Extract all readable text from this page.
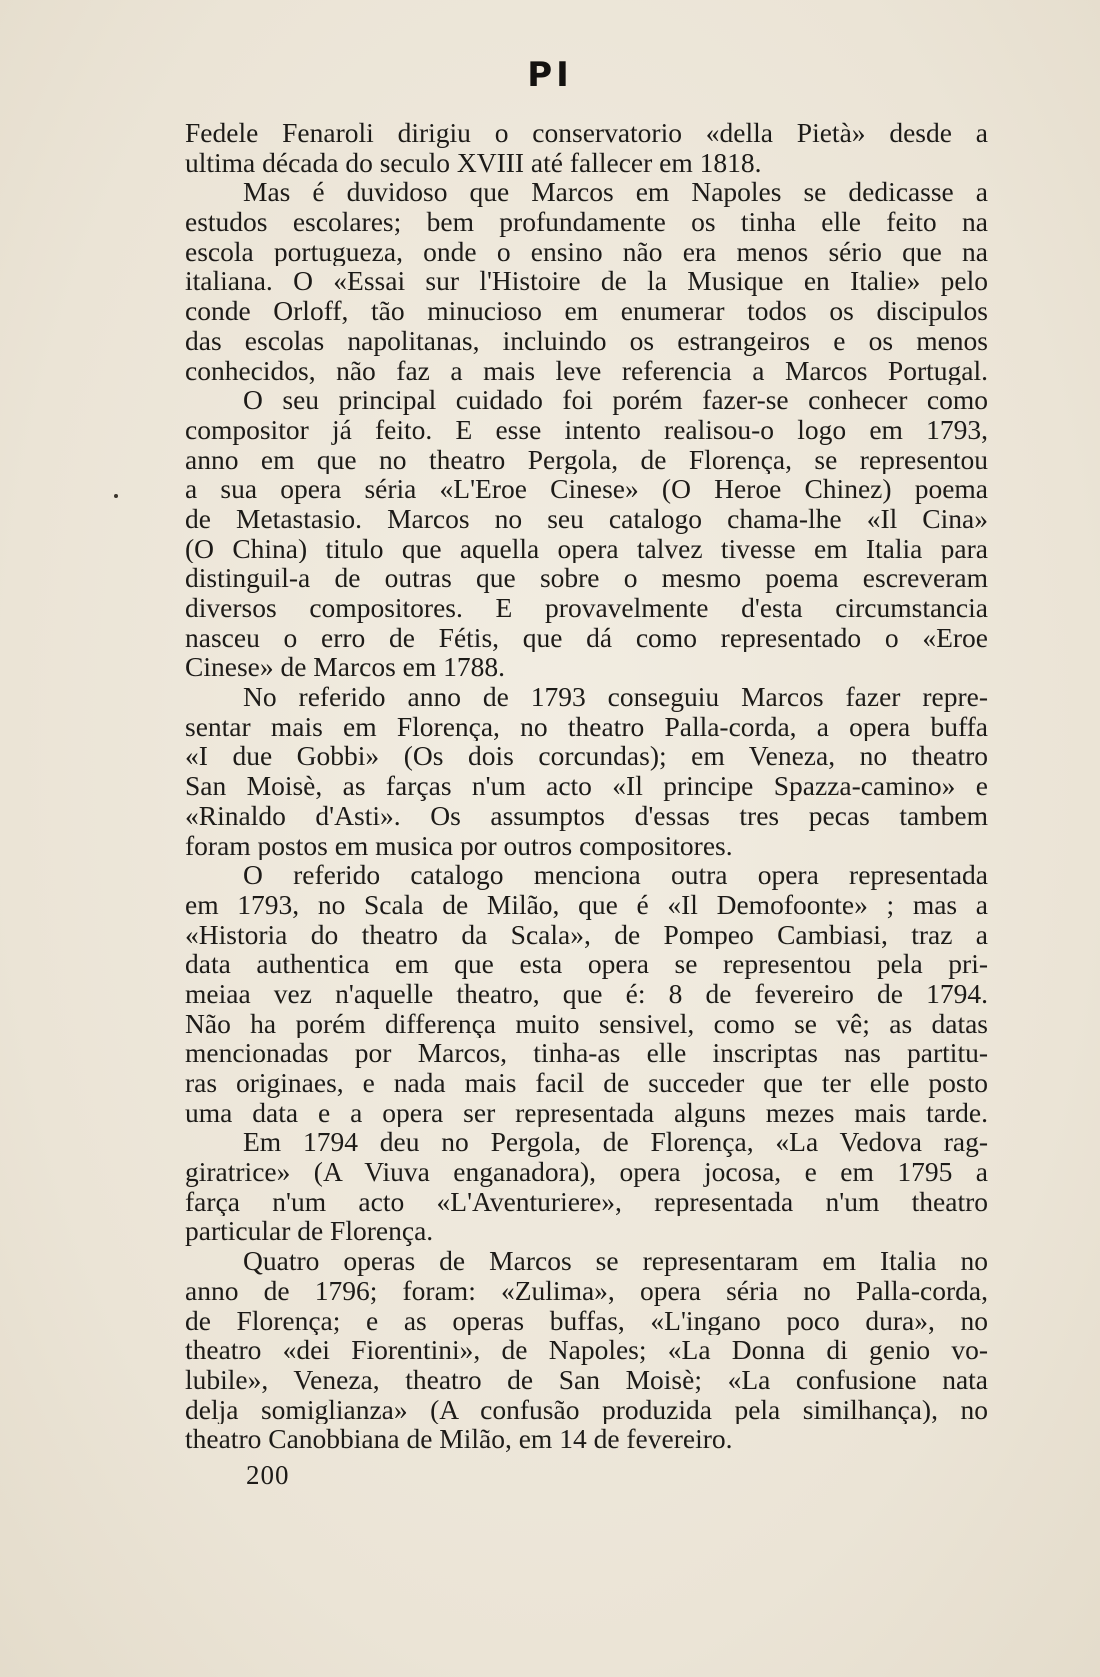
PI
Fedele Fenaroli dirigiu o conservatorio «della Pietà» desde a
ultima década do seculo XVIII até fallecer em 1818.
Mas é duvidoso que Marcos em Napoles se dedicasse a
estudos escolares; bem profundamente os tinha elle feito na
escola portugueza, onde o ensino não era menos sério que na
italiana. O «Essai sur l'Histoire de la Musique en Italie» pelo
conde Orloff, tão minucioso em enumerar todos os discipulos
das escolas napolitanas, incluindo os estrangeiros e os menos
conhecidos, não faz a mais leve referencia a Marcos Portugal.
O seu principal cuidado foi porém fazer-se conhecer como
compositor já feito. E esse intento realisou-o logo em 1793,
anno em que no theatro Pergola, de Florença, se representou
a sua opera séria «L'Eroe Cinese» (O Heroe Chinez) poema
de Metastasio. Marcos no seu catalogo chama-lhe «Il Cina»
(O China) titulo que aquella opera talvez tivesse em Italia para
distinguil-a de outras que sobre o mesmo poema escreveram
diversos compositores. E provavelmente d'esta circumstancia
nasceu o erro de Fétis, que dá como representado o «Eroe
Cinese» de Marcos em 1788.
No referido anno de 1793 conseguiu Marcos fazer repre-
sentar mais em Florença, no theatro Palla-corda, a opera buffa
«I due Gobbi» (Os dois corcundas); em Veneza, no theatro
San Moisè, as farças n'um acto «Il principe Spazza-camino» e
«Rinaldo d'Asti». Os assumptos d'essas tres pecas tambem
foram postos em musica por outros compositores.
O referido catalogo menciona outra opera representada
em 1793, no Scala de Milão, que é «Il Demofoonte» ; mas a
«Historia do theatro da Scala», de Pompeo Cambiasi, traz a
data authentica em que esta opera se representou pela pri-
meiaa vez n'aquelle theatro, que é: 8 de fevereiro de 1794.
Não ha porém differença muito sensivel, como se vê; as datas
mencionadas por Marcos, tinha-as elle inscriptas nas partitu-
ras originaes, e nada mais facil de succeder que ter elle posto
uma data e a opera ser representada alguns mezes mais tarde.
Em 1794 deu no Pergola, de Florença, «La Vedova rag-
giratrice» (A Viuva enganadora), opera jocosa, e em 1795 a
farça n'um acto «L'Aventuriere», representada n'um theatro
particular de Florença.
Quatro operas de Marcos se representaram em Italia no
anno de 1796; foram: «Zulima», opera séria no Palla-corda,
de Florença; e as operas buffas, «L'ingano poco dura», no
theatro «dei Fiorentini», de Napoles; «La Donna di genio vo-
lubile», Veneza, theatro de San Moisè; «La confusione nata
delja somiglianza» (A confusão produzida pela similhança), no
theatro Canobbiana de Milão, em 14 de fevereiro.
200
